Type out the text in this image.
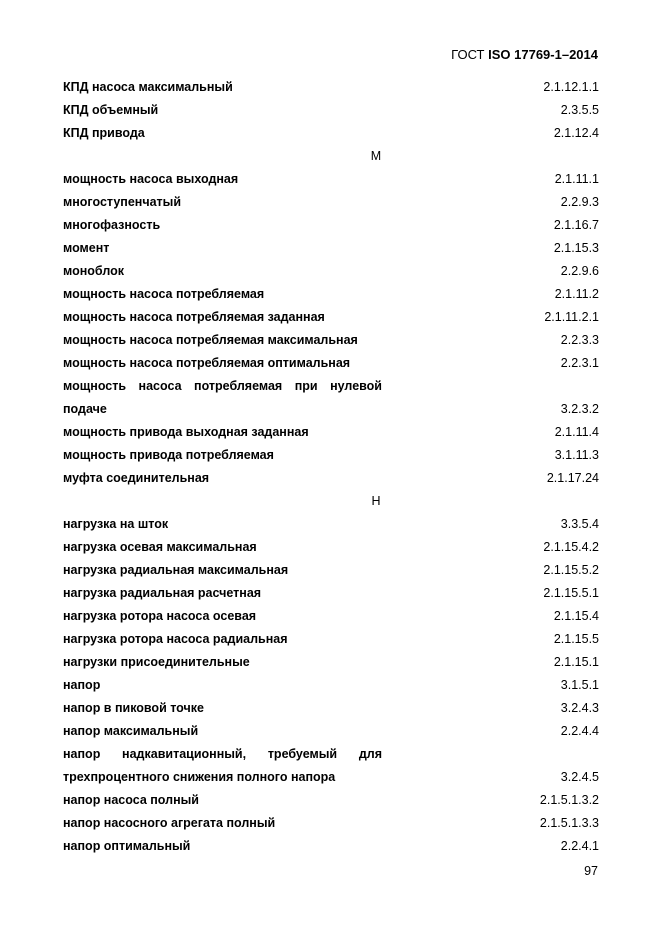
ГОСТ ISO 17769-1–2014
КПД насоса максимальный	2.1.12.1.1
КПД объемный	2.3.5.5
КПД привода	2.1.12.4
М
мощность насоса выходная	2.1.11.1
многоступенчатый	2.2.9.3
многофазность	2.1.16.7
момент	2.1.15.3
моноблок	2.2.9.6
мощность насоса потребляемая	2.1.11.2
мощность насоса потребляемая заданная	2.1.11.2.1
мощность насоса потребляемая максимальная	2.2.3.3
мощность насоса потребляемая оптимальная	2.2.3.1
мощность насоса потребляемая при нулевой
подаче	3.2.3.2
мощность привода выходная заданная	2.1.11.4
мощность привода потребляемая	3.1.11.3
муфта соединительная	2.1.17.24
Н
нагрузка на шток	3.3.5.4
нагрузка осевая максимальная	2.1.15.4.2
нагрузка радиальная максимальная	2.1.15.5.2
нагрузка радиальная расчетная	2.1.15.5.1
нагрузка ротора насоса осевая	2.1.15.4
нагрузка ротора насоса радиальная	2.1.15.5
нагрузки присоединительные	2.1.15.1
напор	3.1.5.1
напор в пиковой точке	3.2.4.3
напор максимальный	2.2.4.4
напор надкавитационный, требуемый для
трехпроцентного снижения полного напора	3.2.4.5
напор насоса полный	2.1.5.1.3.2
напор насосного агрегата полный	2.1.5.1.3.3
напор оптимальный	2.2.4.1
97
